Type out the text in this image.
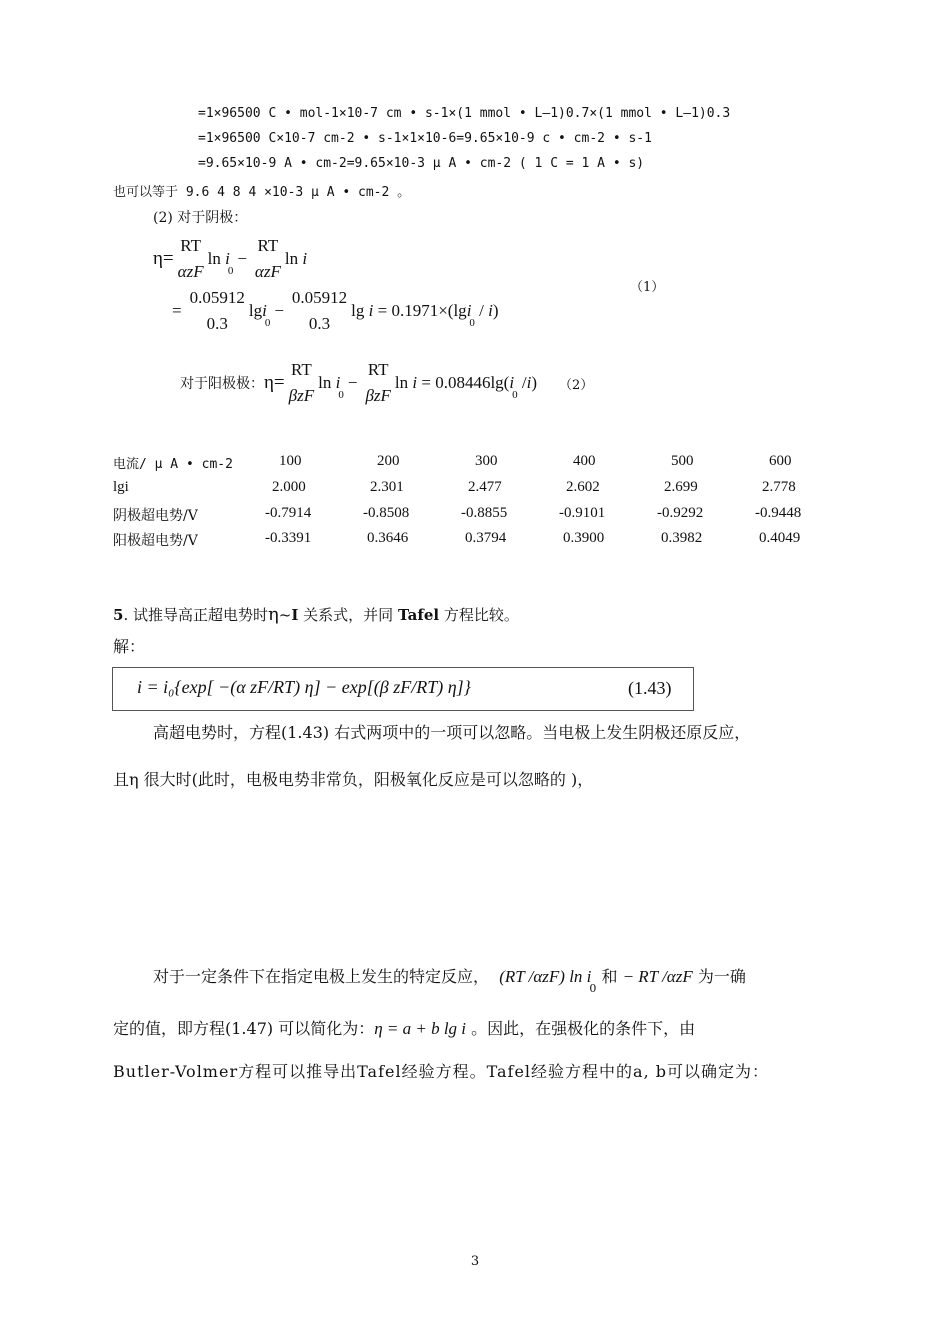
=1×96500 C • mol-1×10-7 cm • s-1×(1 mmol • L—1)0.7×(1 mmol • L—1)0.3
=1×96500 C×10-7 cm-2 • s-1×1×10-6=9.65×10-9 c • cm-2 • s-1
=9.65×10-9 A • cm-2=9.65×10-3 μ A • cm-2 ( 1 C = 1 A • s)
也可以等于 9.6 4 8 4 ×10-3 μ A • cm-2 。
(2) 对于阴极：
η=
RT
αzF
ln
i
0
−
RT
αzF
ln
i
=
0.05912
0.3
lg i
0
−
0.05912
0.3
lg
i
= 0.1971×(lg i
0

/
i )
（1）
对于阳极极： η=
RT
βzF
ln
i
0
−
RT
βzF
ln
i
= 0.08446lg( i
0

/ i ) （2）
电流/ μ A • cm-2	100	200	300	400	500	600
lgi	2.000	2.301	2.477	2.602	2.699	2.778
阴极超电势/V	-0.7914	-0.8508	-0.8855	-0.9101	-0.9292	-0.9448
阳极超电势/V	-0.3391	0.3646	0.3794	0.3900	0.3982	0.4049
5. 试推导高正超电势时η~I 关系式，并同 Tafel 方程比较。
解：
i = i₀{exp[ −(α zF/RT) η] − exp[(β zF/RT) η]}	(1.43)
高超电势时，方程(1.43) 右式两项中的一项可以忽略。当电极上发生阴极还原反应，
且η 很大时(此时，电极电势非常负，阳极氧化反应是可以忽略的 )，
对于一定条件下在指定电极上发生的特定反应， (RT /αzF) $\ln i_0$ 和 − RT /αzF 为一确
定的值，即方程(1.47) 可以简化为：η = a + b lg i 。因此，在强极化的条件下，由
Butler-Volmer方程可以推导出Tafel经验方程。Tafel经验方程中的a, b可以确定为：
3
